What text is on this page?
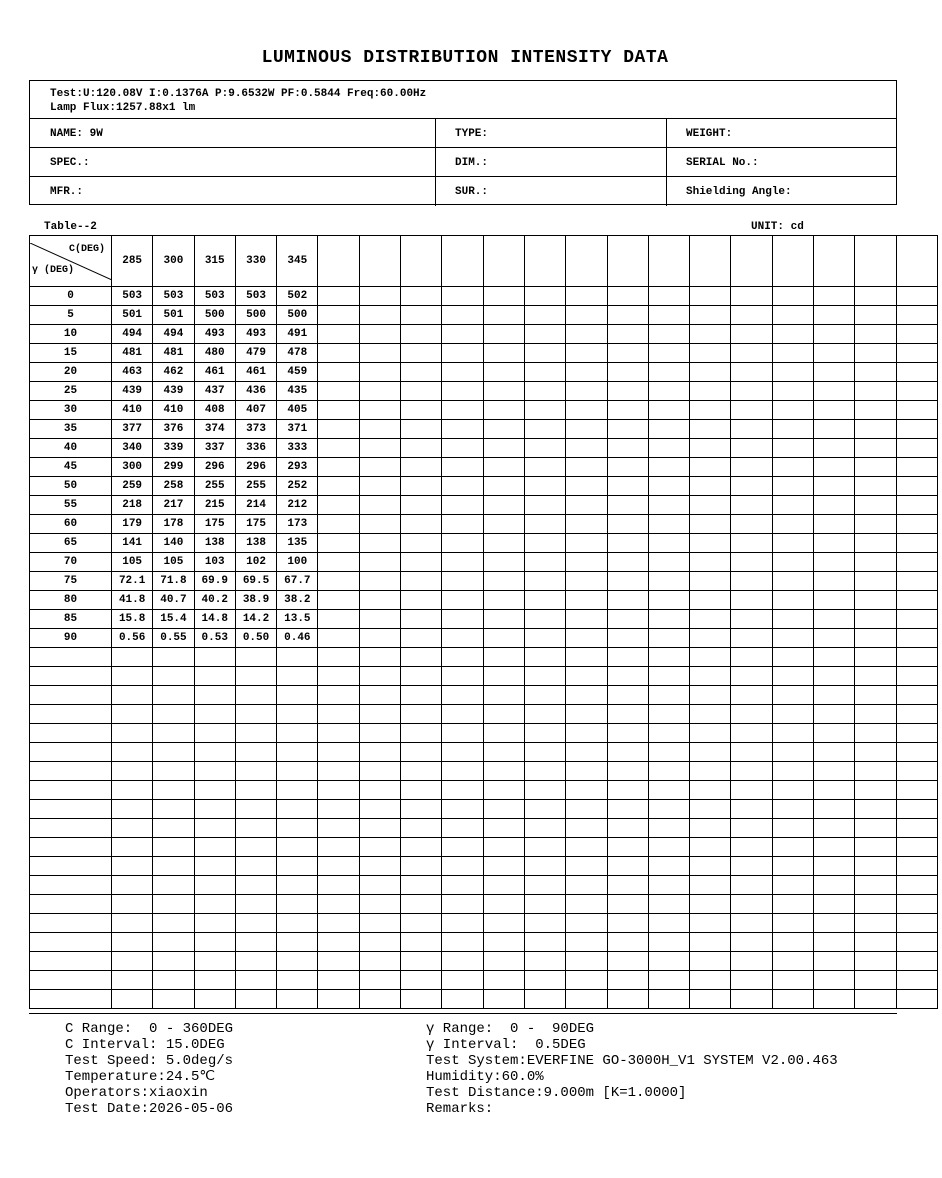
LUMINOUS DISTRIBUTION INTENSITY DATA
Test:U:120.08V I:0.1376A P:9.6532W PF:0.5844 Freq:60.00Hz
Lamp Flux:1257.88x1 lm
NAME: 9W	TYPE:	WEIGHT:
SPEC.:	DIM.:	SERIAL No.:
MFR.:	SUR.:	Shielding Angle:
Table--2	UNIT: cd
C(DEG)
γ (DEG)	285	300	315	330	345															
0	503	503	503	503	502															
5	501	501	500	500	500															
10	494	494	493	493	491															
15	481	481	480	479	478															
20	463	462	461	461	459															
25	439	439	437	436	435															
30	410	410	408	407	405															
35	377	376	374	373	371															
40	340	339	337	336	333															
45	300	299	296	296	293															
50	259	258	255	255	252															
55	218	217	215	214	212															
60	179	178	175	175	173															
65	141	140	138	138	135															
70	105	105	103	102	100															
75	72.1	71.8	69.9	69.5	67.7															
80	41.8	40.7	40.2	38.9	38.2															
85	15.8	15.4	14.8	14.2	13.5															
90	0.56	0.55	0.53	0.50	0.46															

C Range:  0 - 360DEG
C Interval: 15.0DEG
Test Speed: 5.0deg/s
Temperature:24.5℃
Operators:xiaoxin
Test Date:2026-05-06
γ Range:  0 -  90DEG
γ Interval:  0.5DEG
Test System:EVERFINE GO-3000H_V1 SYSTEM V2.00.463
Humidity:60.0%
Test Distance:9.000m [K=1.0000]
Remarks:
